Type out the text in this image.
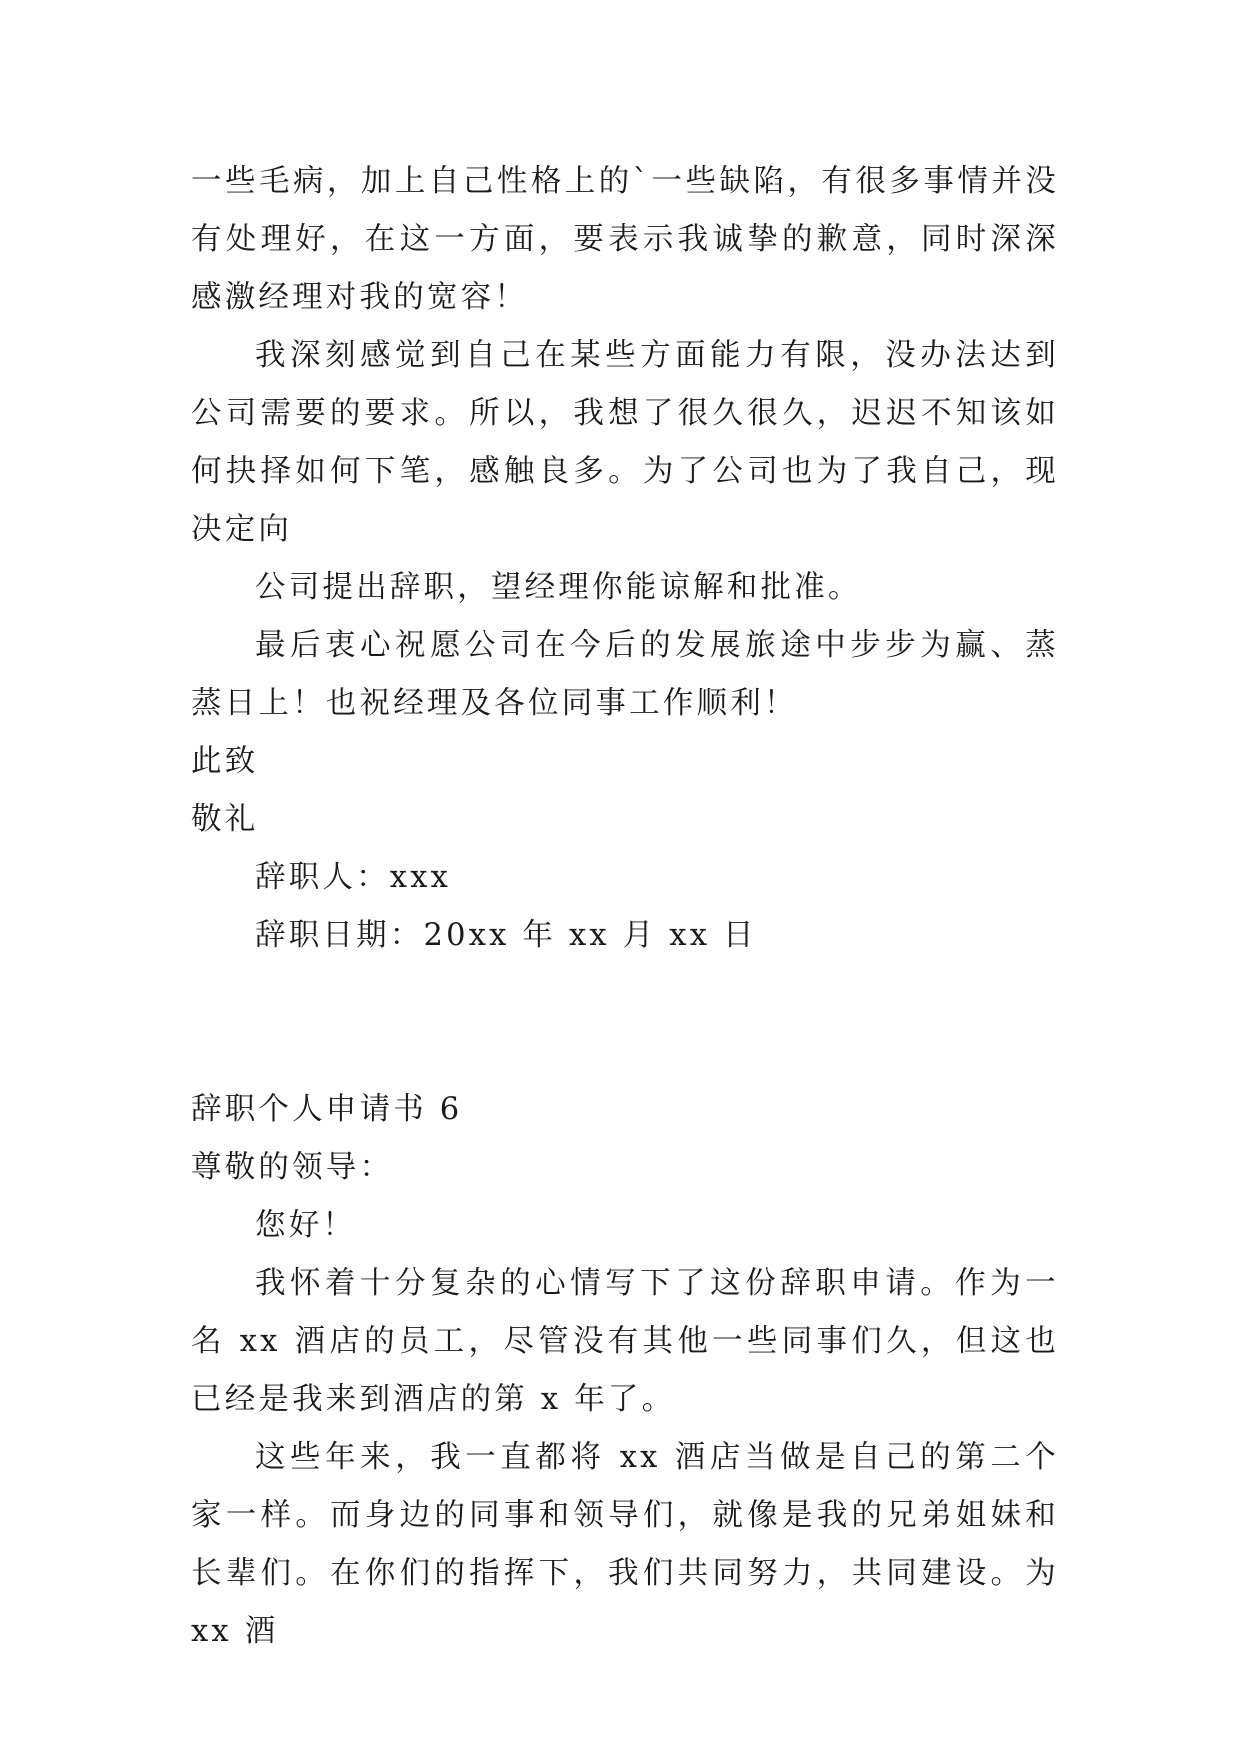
一些毛病，加上自己性格上的`一些缺陷，有很多事情并没有处理好，在这一方面，要表示我诚挚的歉意，同时深深感激经理对我的宽容！

我深刻感觉到自己在某些方面能力有限，没办法达到公司需要的要求。所以，我想了很久很久，迟迟不知该如何抉择如何下笔，感触良多。为了公司也为了我自己，现决定向

公司提出辞职，望经理你能谅解和批准。

最后衷心祝愿公司在今后的发展旅途中步步为赢、蒸蒸日上！也祝经理及各位同事工作顺利！

此致

敬礼

辞职人：xxx

辞职日期：20xx 年 xx 月 xx 日

辞职个人申请书 6

尊敬的领导：

您好！

我怀着十分复杂的心情写下了这份辞职申请。作为一名 xx 酒店的员工，尽管没有其他一些同事们久，但这也已经是我来到酒店的第 x 年了。

这些年来，我一直都将 xx 酒店当做是自己的第二个家一样。而身边的同事和领导们，就像是我的兄弟姐妹和长辈们。在你们的指挥下，我们共同努力，共同建设。为 xx 酒
